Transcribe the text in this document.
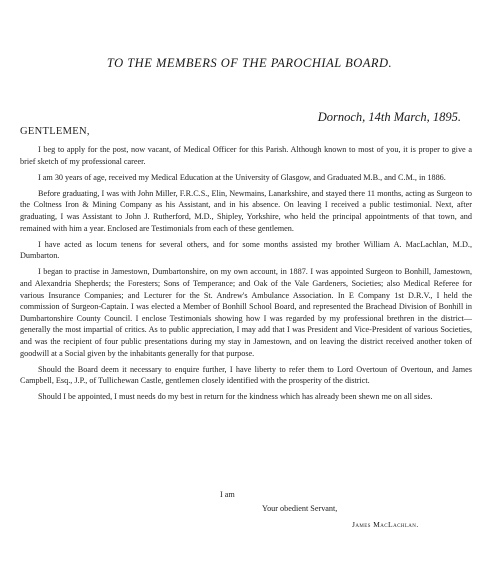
TO THE MEMBERS OF THE PAROCHIAL BOARD.
Dornoch, 14th March, 1895.
GENTLEMEN,

I beg to apply for the post, now vacant, of Medical Officer for this Parish. Although known to most of you, it is proper to give a brief sketch of my professional career.

I am 30 years of age, received my Medical Education at the University of Glasgow, and Graduated M.B., and C.M., in 1886.

Before graduating, I was with John Miller, F.R.C.S., Elin, Newmains, Lanarkshire, and stayed there 11 months, acting as Surgeon to the Coltness Iron & Mining Company as his Assistant, and in his absence. On leaving I received a public testimonial. Next, after graduating, I was Assistant to John J. Rutherford, M.D., Shipley, Yorkshire, who held the principal appointments of that town, and remained with him a year. Enclosed are Testimonials from each of these gentlemen.

I have acted as locum tenens for several others, and for some months assisted my brother William A. MacLachlan, M.D., Dumbarton.

I began to practise in Jamestown, Dumbartonshire, on my own account, in 1887. I was appointed Surgeon to Bonhill, Jamestown, and Alexandria Shepherds; the Foresters; Sons of Temperance; and Oak of the Vale Gardeners, Societies; also Medical Referee for various Insurance Companies; and Lecturer for the St. Andrew's Ambulance Association. In E Company 1st D.R.V., I held the commission of Surgeon-Captain. I was elected a Member of Bonhill School Board, and represented the Brachead Division of Bonhill in Dumbartonshire County Council. I enclose Testimonials showing how I was regarded by my professional brethren in the district—generally the most impartial of critics. As to public appreciation, I may add that I was President and Vice-President of various Societies, and was the recipient of four public presentations during my stay in Jamestown, and on leaving the district received another token of goodwill at a Social given by the inhabitants generally for that purpose.

Should the Board deem it necessary to enquire further, I have liberty to refer them to Lord Overtoun of Overtoun, and James Campbell, Esq., J.P., of Tullichewan Castle, gentlemen closely identified with the prosperity of the district.

Should I be appointed, I must needs do my best in return for the kindness which has already been shewn me on all sides.

I am
Your obedient Servant,
James MacLachlan.
